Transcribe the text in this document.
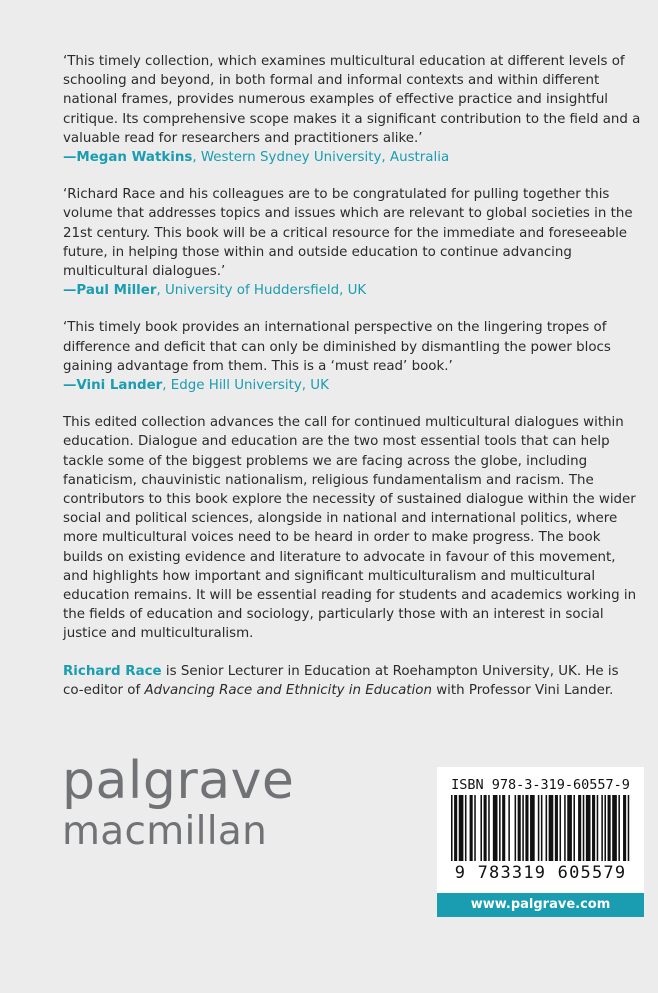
‘This timely collection, which examines multicultural education at different levels of schooling and beyond, in both formal and informal contexts and within different national frames, provides numerous examples of effective practice and insightful critique. Its comprehensive scope makes it a significant contribution to the field and a valuable read for researchers and practitioners alike.’
—Megan Watkins, Western Sydney University, Australia
‘Richard Race and his colleagues are to be congratulated for pulling together this volume that addresses topics and issues which are relevant to global societies in the 21st century. This book will be a critical resource for the immediate and foreseeable future, in helping those within and outside education to continue advancing multicultural dialogues.’
—Paul Miller, University of Huddersfield, UK
‘This timely book provides an international perspective on the lingering tropes of difference and deficit that can only be diminished by dismantling the power blocs gaining advantage from them. This is a ‘must read’ book.’
—Vini Lander, Edge Hill University, UK
This edited collection advances the call for continued multicultural dialogues within education. Dialogue and education are the two most essential tools that can help tackle some of the biggest problems we are facing across the globe, including fanaticism, chauvinistic nationalism, religious fundamentalism and racism. The contributors to this book explore the necessity of sustained dialogue within the wider social and political sciences, alongside in national and international politics, where more multicultural voices need to be heard in order to make progress. The book builds on existing evidence and literature to advocate in favour of this movement, and highlights how important and significant multiculturalism and multicultural education remains. It will be essential reading for students and academics working in the fields of education and sociology, particularly those with an interest in social justice and multiculturalism.
Richard Race is Senior Lecturer in Education at Roehampton University, UK. He is co-editor of Advancing Race and Ethnicity in Education with Professor Vini Lander.
palgrave
macmillan
ISBN 978-3-319-60557-9
9 783319 605579
www.palgrave.com
